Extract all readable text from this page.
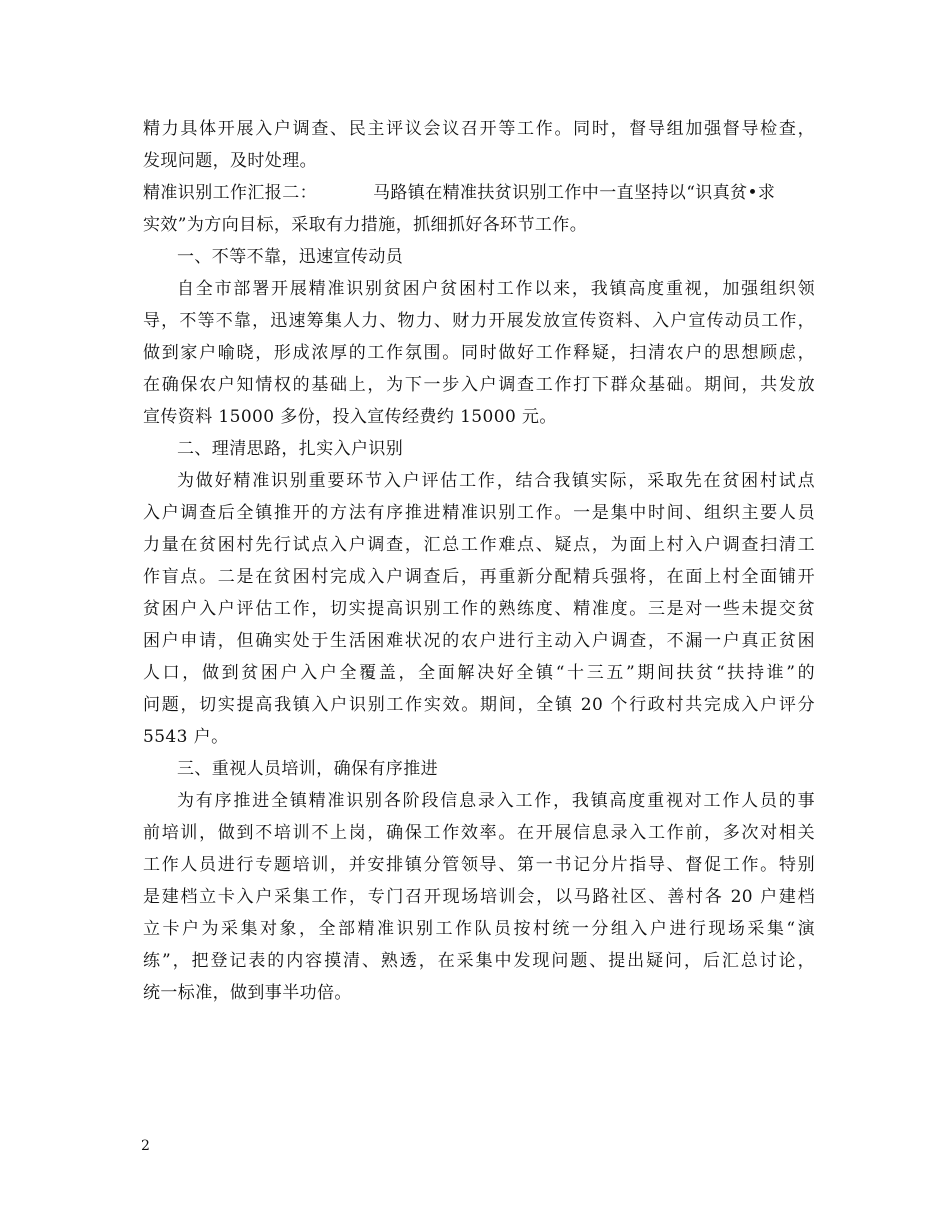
精力具体开展入户调查、民主评议会议召开等工作。同时，督导组加强督导检查，
发现问题，及时处理。
精准识别工作汇报二：	马路镇在精准扶贫识别工作中一直坚持以“识真贫•求
实效”为方向目标，采取有力措施，抓细抓好各环节工作。
一、不等不靠，迅速宣传动员
自全市部署开展精准识别贫困户贫困村工作以来，我镇高度重视，加强组织领
导，不等不靠，迅速筹集人力、物力、财力开展发放宣传资料、入户宣传动员工作，
做到家户喻晓，形成浓厚的工作氛围。同时做好工作释疑，扫清农户的思想顾虑，
在确保农户知情权的基础上，为下一步入户调查工作打下群众基础。期间，共发放
宣传资料 15000 多份，投入宣传经费约 15000 元。
二、理清思路，扎实入户识别
为做好精准识别重要环节入户评估工作，结合我镇实际，采取先在贫困村试点
入户调查后全镇推开的方法有序推进精准识别工作。一是集中时间、组织主要人员
力量在贫困村先行试点入户调查，汇总工作难点、疑点，为面上村入户调查扫清工
作盲点。二是在贫困村完成入户调查后，再重新分配精兵强将，在面上村全面铺开
贫困户入户评估工作，切实提高识别工作的熟练度、精准度。三是对一些未提交贫
困户申请，但确实处于生活困难状况的农户进行主动入户调查，不漏一户真正贫困
人口，做到贫困户入户全覆盖，全面解决好全镇“十三五”期间扶贫“扶持谁”的
问题，切实提高我镇入户识别工作实效。期间，全镇 20 个行政村共完成入户评分
5543 户。
三、重视人员培训，确保有序推进
为有序推进全镇精准识别各阶段信息录入工作，我镇高度重视对工作人员的事
前培训，做到不培训不上岗，确保工作效率。在开展信息录入工作前，多次对相关
工作人员进行专题培训，并安排镇分管领导、第一书记分片指导、督促工作。特别
是建档立卡入户采集工作，专门召开现场培训会，以马路社区、善村各 20 户建档
立卡户为采集对象，全部精准识别工作队员按村统一分组入户进行现场采集“演
练”，把登记表的内容摸清、熟透，在采集中发现问题、提出疑问，后汇总讨论，
统一标准，做到事半功倍。
2
